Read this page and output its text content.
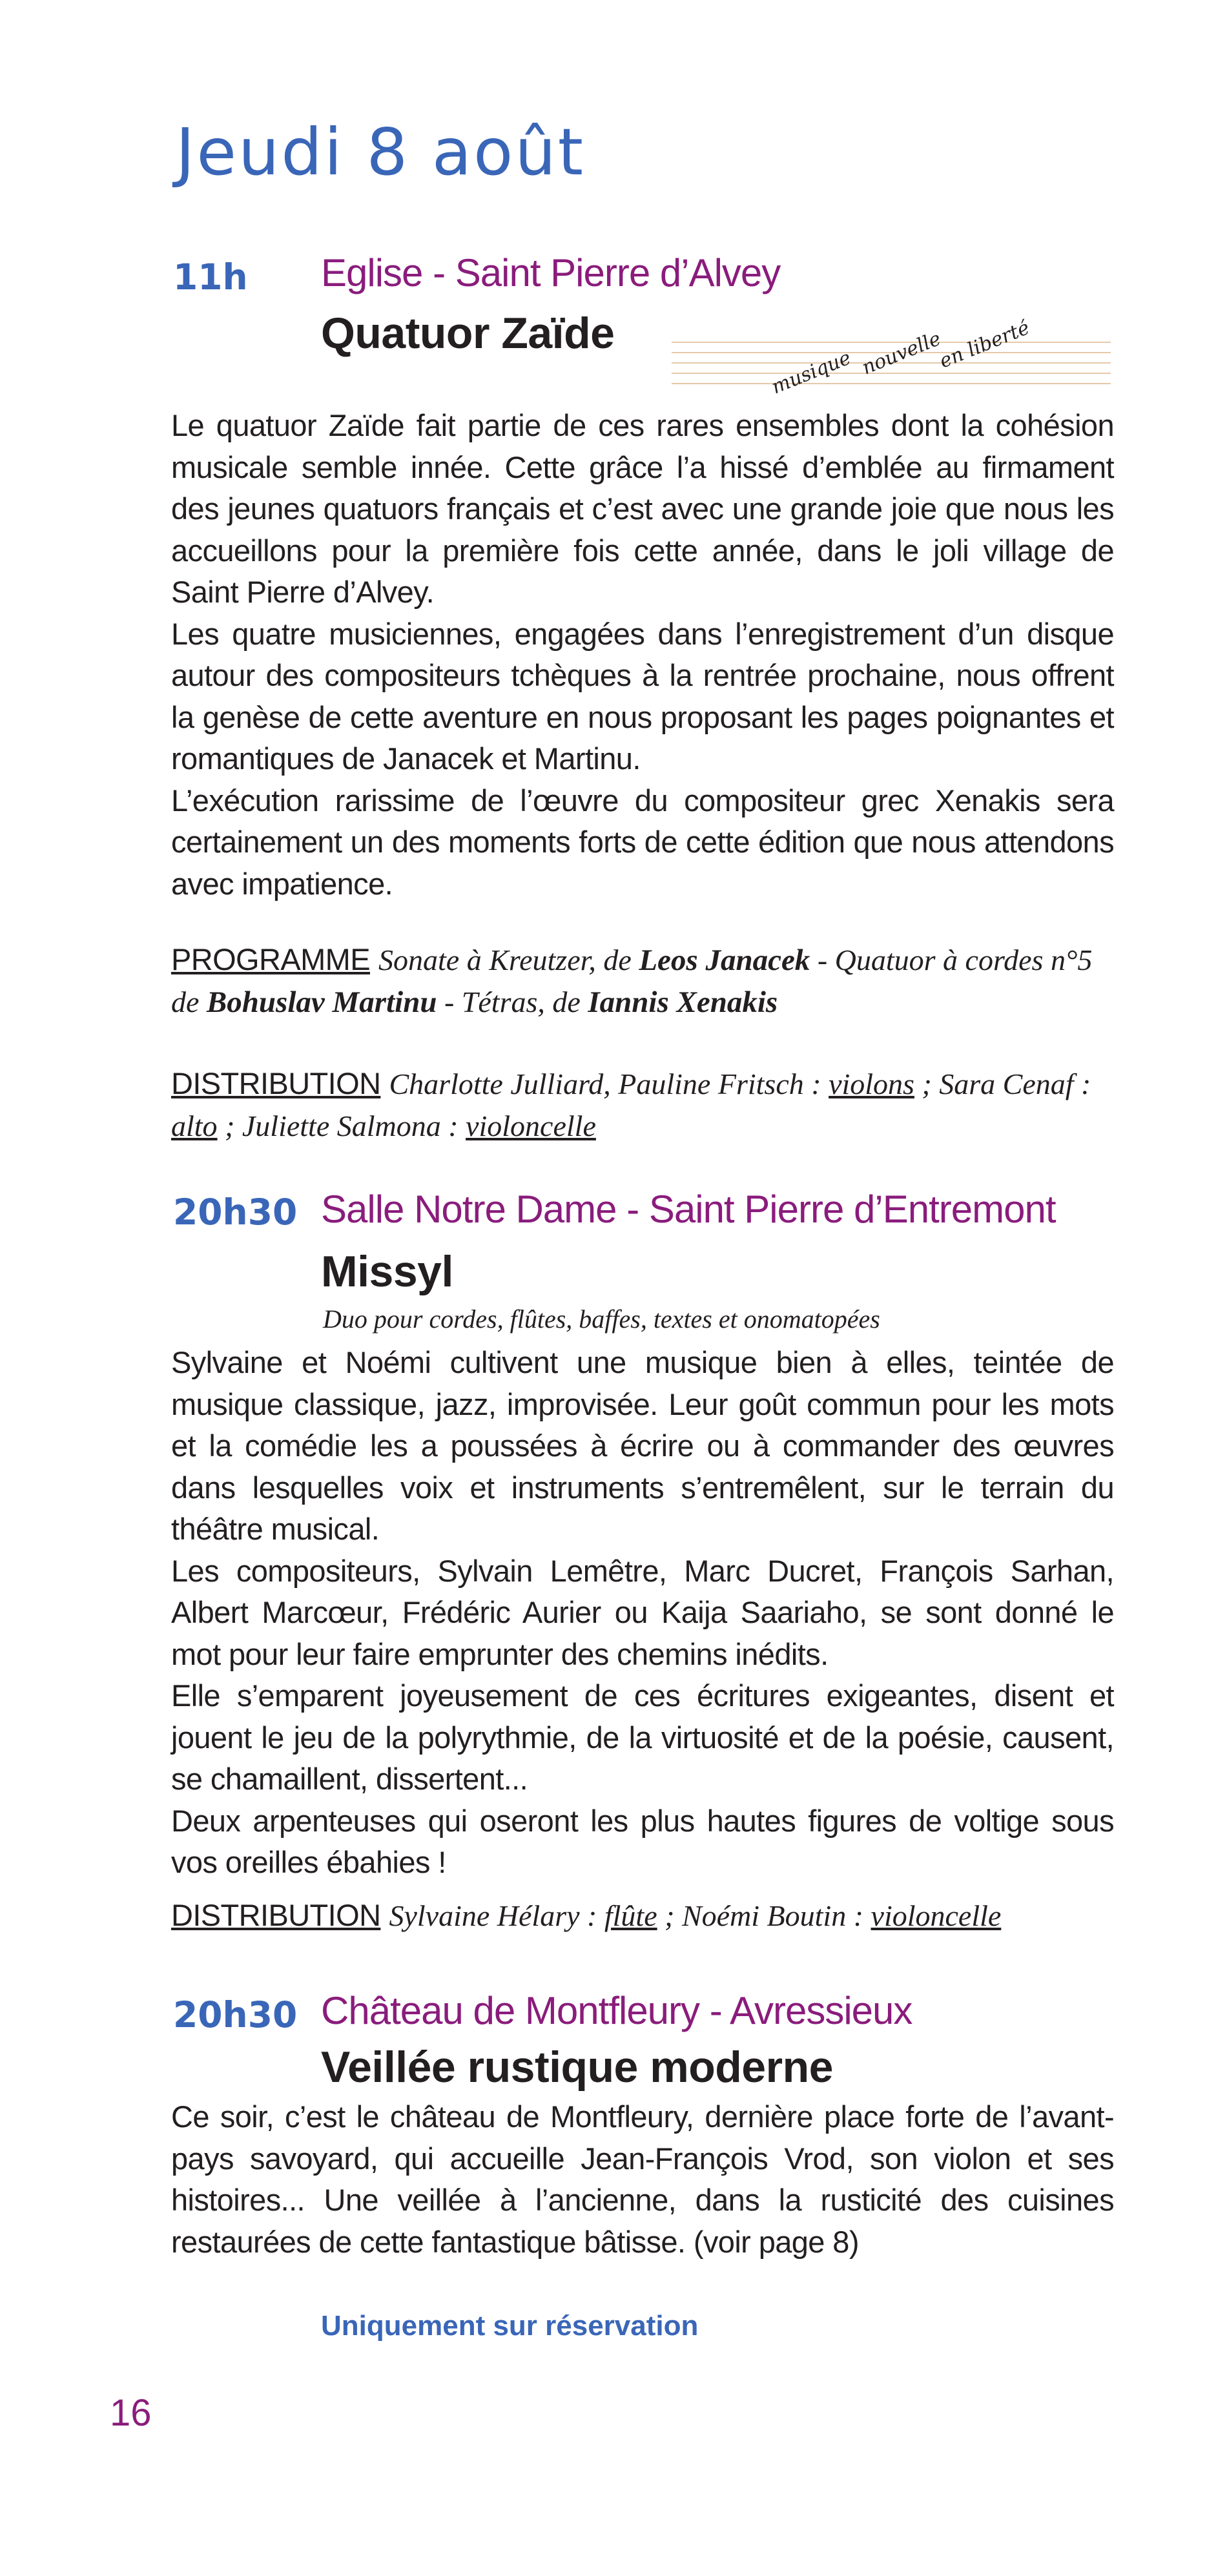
Jeudi 8 août
11h Eglise - Saint Pierre d’Alvey
Quatuor Zaïde
musique nouvelle
en liberté

Le quatuor Zaïde fait partie de ces rares ensembles dont la cohésion musicale semble innée. Cette grâce l’a hissé d’emblée au firmament des jeunes quatuors français et c’est avec une grande joie que nous les accueillons pour la première fois cette année, dans le joli village de Saint Pierre d’Alvey.

Les quatre musiciennes, engagées dans l’enregistrement d’un disque autour des compositeurs tchèques à la rentrée prochaine, nous offrent la genèse de cette aventure en nous proposant les pages poignantes et romantiques de Janacek et Martinu.

L’exécution rarissime de l’œuvre du compositeur grec Xenakis sera certainement un des moments forts de cette édition que nous attendons avec impatience.

PROGRAMME Sonate à Kreutzer, de Leos Janacek - Quatuor à cordes n°5 de Bohuslav Martinu - Tétras, de Iannis Xenakis
DISTRIBUTION Charlotte Julliard, Pauline Fritsch : violons ; Sara Cenaf : alto ; Juliette Salmona : violoncelle
20h30 Salle Notre Dame - Saint Pierre d’Entremont
Missyl
Duo pour cordes, flûtes, baffes, textes et onomatopées

Sylvaine et Noémi cultivent une musique bien à elles, teintée de musique classique, jazz, improvisée. Leur goût commun pour les mots et la comédie les a poussées à écrire ou à commander des œuvres dans lesquelles voix et instruments s’entremêlent, sur le terrain du théâtre musical.

Les compositeurs, Sylvain Lemêtre, Marc Ducret, François Sarhan, Albert Marcœur, Frédéric Aurier ou Kaija Saariaho, se sont donné le mot pour leur faire emprunter des chemins inédits.

Elle s’emparent joyeusement de ces écritures exigeantes, disent et jouent le jeu de la polyrythmie, de la virtuosité et de la poésie, causent, se chamaillent, dissertent...

Deux arpenteuses qui oseront les plus hautes figures de voltige sous vos oreilles ébahies !

DISTRIBUTION Sylvaine Hélary : flûte ; Noémi Boutin : violoncelle
20h30 Château de Montfleury - Avressieux
Veillée rustique moderne

Ce soir, c’est le château de Montfleury, dernière place forte de l’avant-pays savoyard, qui accueille Jean-François Vrod, son violon et ses histoires... Une veillée à l’ancienne, dans la rusticité des cuisines restaurées de cette fantastique bâtisse. (voir page 8)

Uniquement sur réservation
16
